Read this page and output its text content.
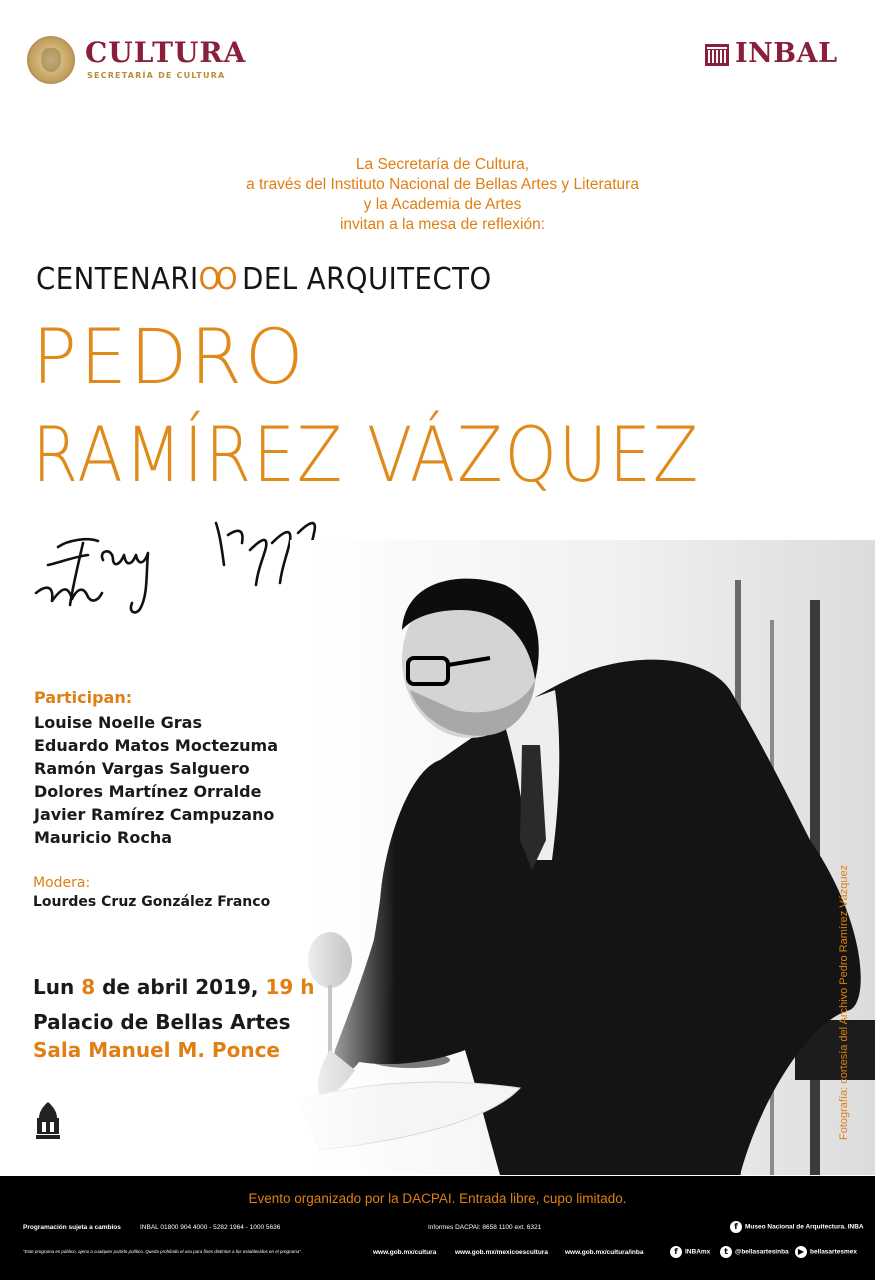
CULTURA
SECRETARÍA DE CULTURA
INBAL
La Secretaría de Cultura,
a través del Instituto Nacional de Bellas Artes y Literatura
y la Academia de Artes
invitan a la mesa de reflexión:
CENTENARIOO DEL ARQUITECTO
PEDRO
RAMÍREZ VÁZQUEZ
Fotografía: cortesía del Archivo Pedro Ramírez Vázquez
Participan:
Louise Noelle Gras
Eduardo Matos Moctezuma
Ramón Vargas Salguero
Dolores Martínez Orralde
Javier Ramírez Campuzano
Mauricio Rocha
Modera:
Lourdes Cruz González Franco
Lun 8 de abril 2019, 19 h
Palacio de Bellas Artes
Sala Manuel M. Ponce
Evento organizado por la DACPAI. Entrada libre, cupo limitado.
Programación sujeta a cambios	INBAL 01800 904 4000 - 5282 1964 - 1000 5636	Informes DACPAI: 8658 1100 ext. 6321	f Museo Nacional de Arquitectura. INBA
"Este programa es público, ajeno a cualquier partido político. Queda prohibido el uso para fines distintos a los establecidos en el programa".	www.gob.mx/cultura	www.gob.mx/mexicoescultura	www.gob.mx/cultura/inba	f INBAmx	t @bellasartesinba	▶ bellasartesmex
